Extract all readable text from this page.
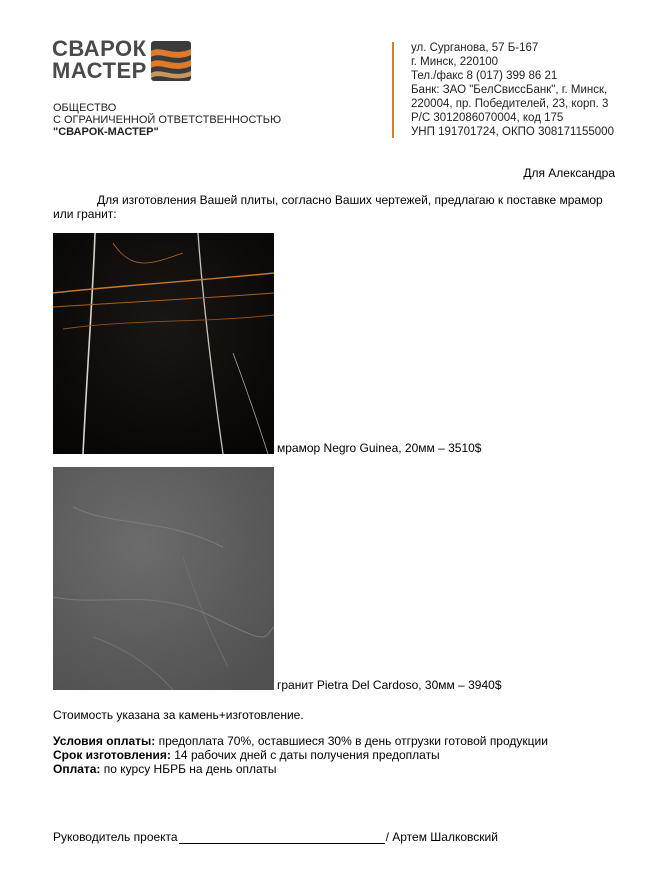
СВАРОК
МАСТЕР
ОБЩЕСТВО
С ОГРАНИЧЕННОЙ ОТВЕТСТВЕННОСТЬЮ
"СВАРОК-МАСТЕР"
ул. Сурганова, 57 Б-167
г. Минск, 220100
Тел./факс 8 (017) 399 86 21
Банк: ЗАО "БелСвиссБанк", г. Минск,
220004, пр. Победителей, 23, корп. 3
Р/С 3012086070004, код 175
УНП 191701724, ОКПО 308171155000
Для Александра
Для изготовления Вашей плиты, согласно Ваших чертежей, предлагаю к поставке мрамор
или гранит:
мрамор Negro Guinea, 20мм – 3510$
гранит Pietra Del Cardoso, 30мм – 3940$
Стоимость указана за камень+изготовление.
Условия оплаты: предоплата 70%, оставшиеся 30% в день отгрузки готовой продукции
Срок изготовления: 14 рабочих дней с даты получения предоплаты
Оплата: по курсу НБРБ на день оплаты
Руководитель проекта	/ Артем Шалковский
